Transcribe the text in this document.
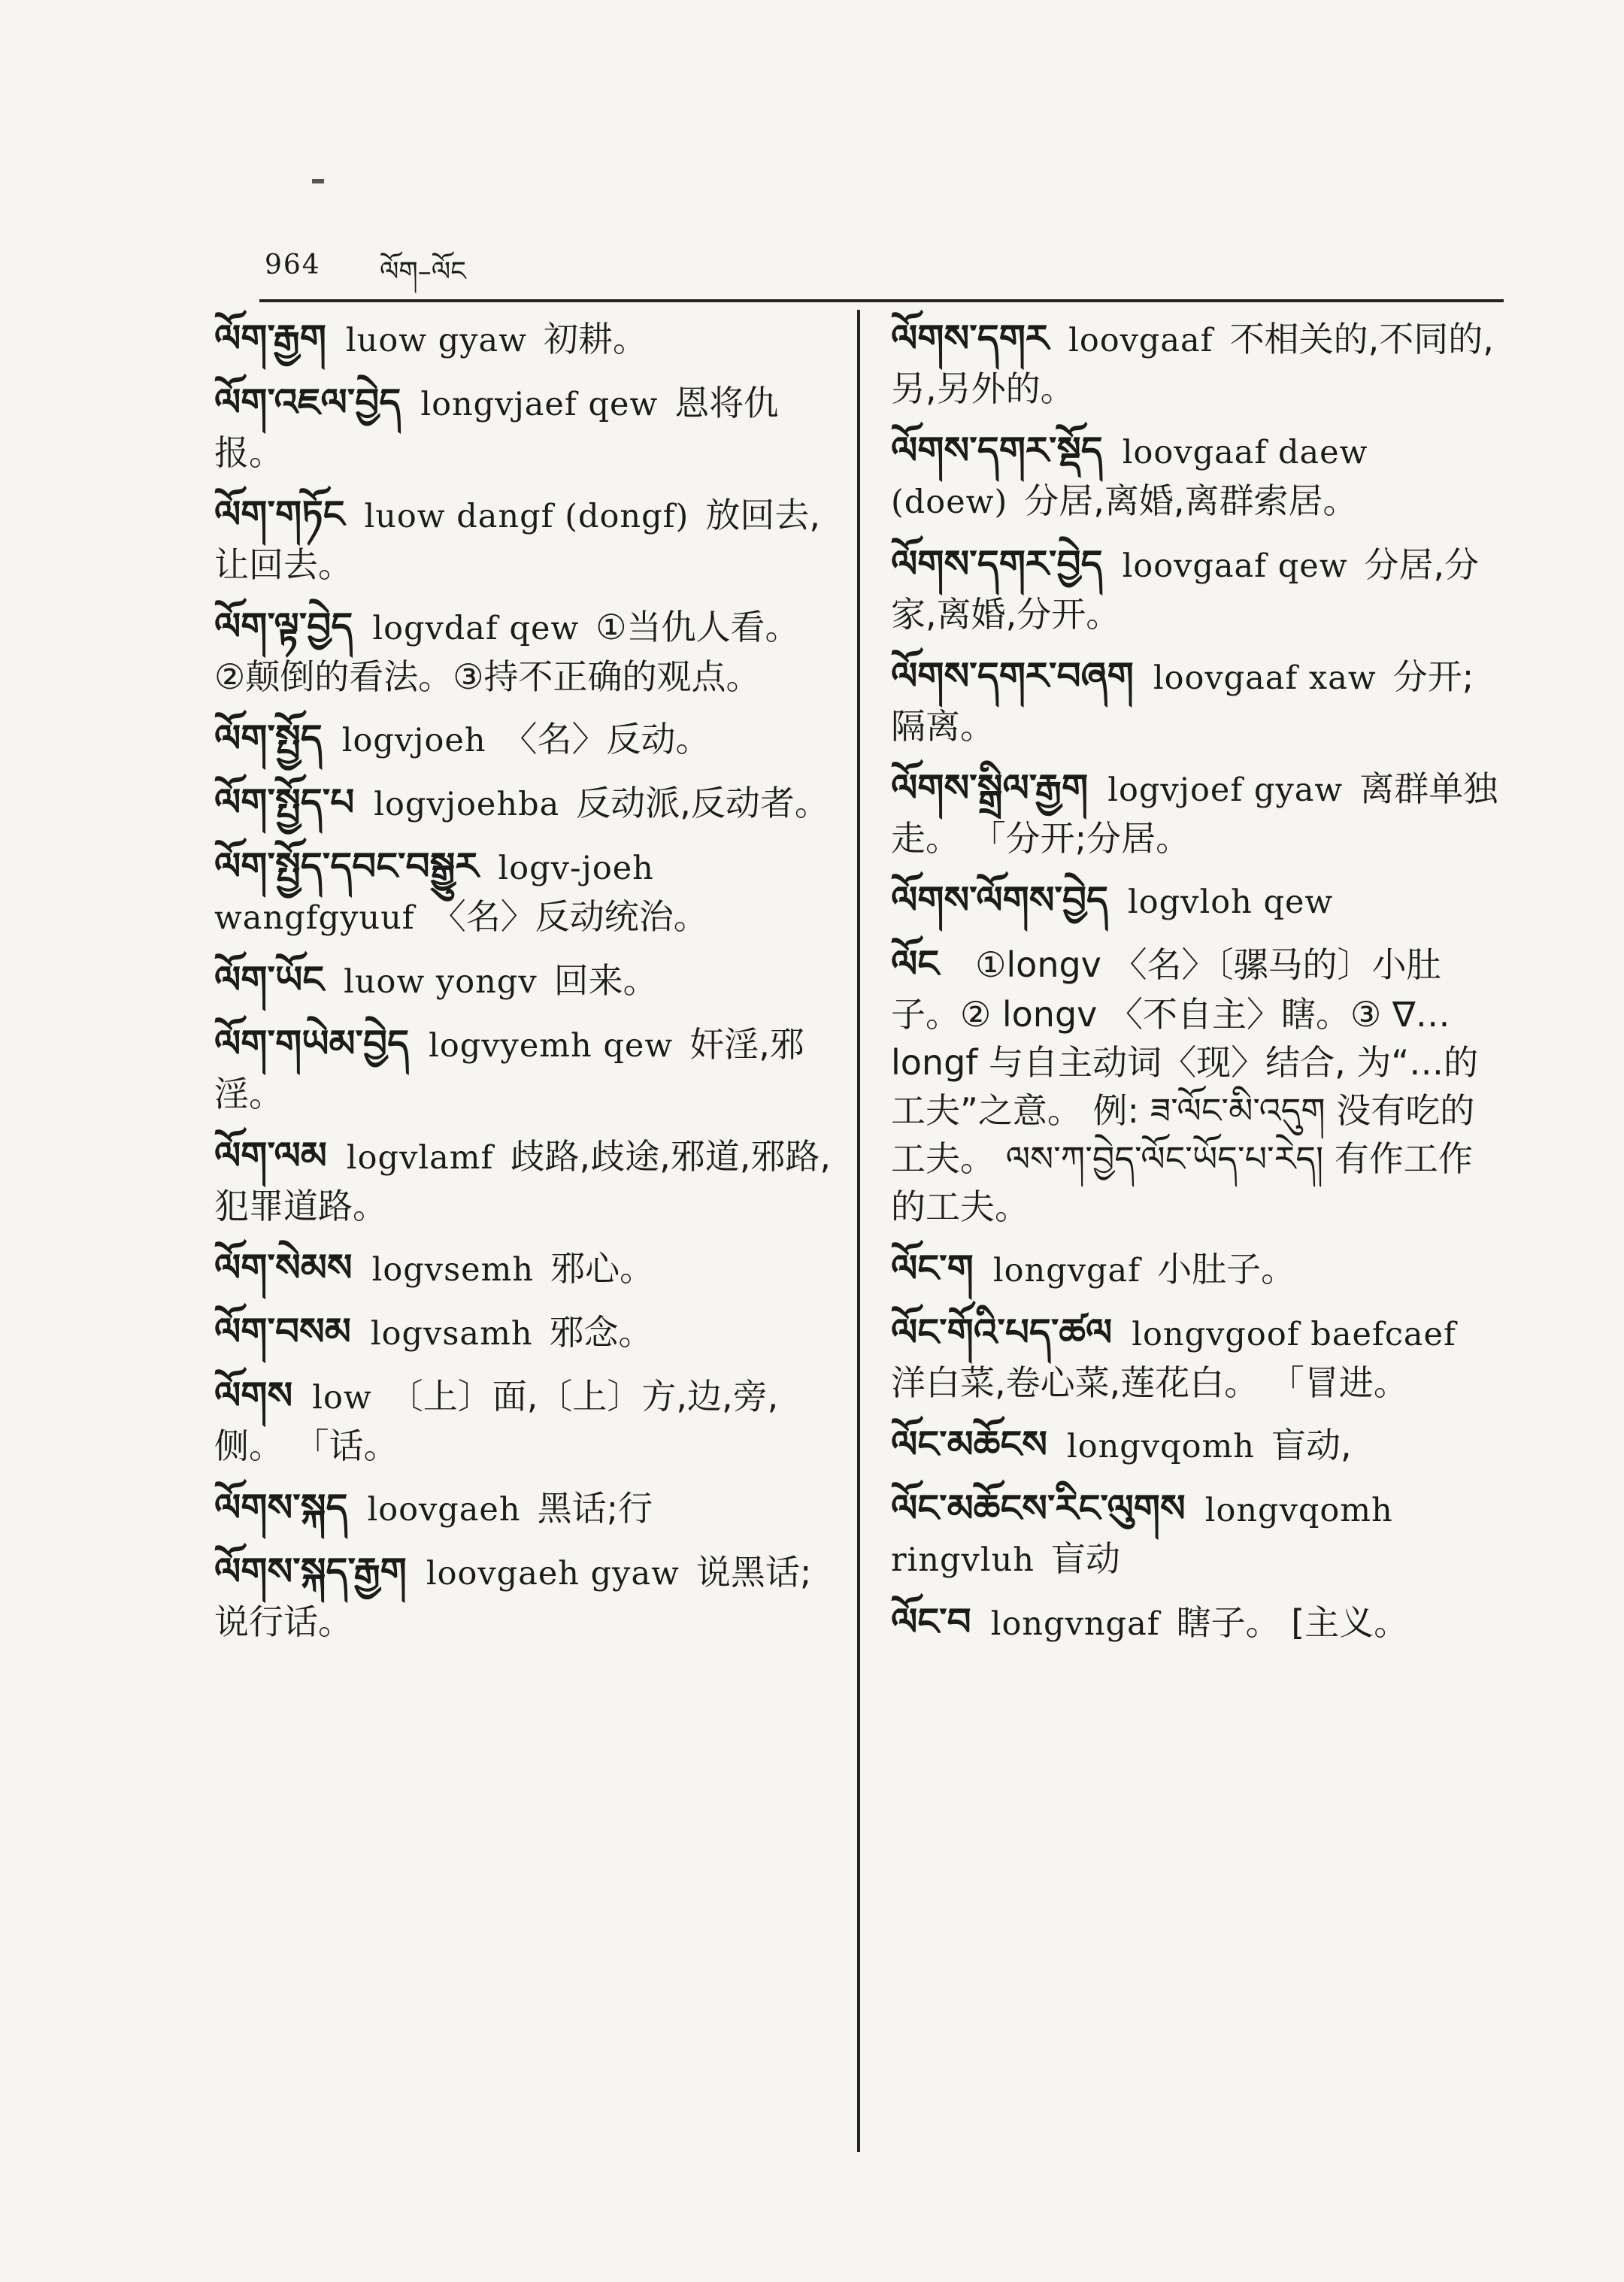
964 ལོག–ལོང
ལོག་རྒྱག luow gyaw 初耕。
ལོག་འཇལ་བྱེད longvjaef qew 恩将仇报。
ལོག་གཏོང luow dangf (dongf) 放回去,让回去。
ལོག་ལྟ་བྱེད logvdaf qew ①当仇人看。 ②颠倒的看法。③持不正确的观点。
ལོག་སྤྱོད logvjoeh 〈名〉反动。
ལོག་སྤྱོད་པ logvjoehba 反动派,反动者。
ལོག་སྤྱོད་དབང་བསྒྱུར logv-joeh wangfgyuuf 〈名〉反动统治。
ལོག་ཡོང luow yongv 回来。
ལོག་གཡེམ་བྱེད logvyemh qew 奸淫,邪淫。
ལོག་ལམ logvlamf 歧路,歧途,邪道,邪路,犯罪道路。
ལོག་སེམས logvsemh 邪心。
ལོག་བསམ logvsamh 邪念。
ལོགས low 〔上〕面,〔上〕方,边,旁,侧。 「话。
ལོགས་སྐད loovgaeh 黑话;行
ལོགས་སྐད་རྒྱག loovgaeh gyaw 说黑话;说行话。
ལོགས་དགར loovgaaf 不相关的,不同的,另,另外的。
ལོགས་དགར་སྡོད loovgaaf daew (doew) 分居,离婚,离群索居。
ལོགས་དགར་བྱེད loovgaaf qew 分居,分家,离婚,分开。
ལོགས་དགར་བཞག loovgaaf xaw 分开;隔离。
ལོགས་སྒྲིལ་རྒྱག logvjoef gyaw 离群单独走。 「分开;分居。
ལོགས་ལོགས་བྱེད logvloh qew
ལོང ①longv 〈名〉〔骡马的〕小肚子。② longv 〈不自主〉瞎。③ ∇… longf 与自主动词〈现〉结合, 为“…的工夫”之意。 例: ཟ་ལོང་མི་འདུག 没有吃的工夫。 ལས་ཀ་བྱེད་ལོང་ཡོད་པ་རེད། 有作工作的工夫。
ལོང་ག longvgaf 小肚子。
ལོང་གོའི་པད་ཚལ longvgoof baefcaef洋白菜,卷心菜,莲花白。 「冒进。
ལོང་མཆོངས longvqomh 盲动,
ལོང་མཆོངས་རིང་ལུགས longvqomh ringvluh 盲动
ལོང་བ longvngaf 瞎子。 [主义。
